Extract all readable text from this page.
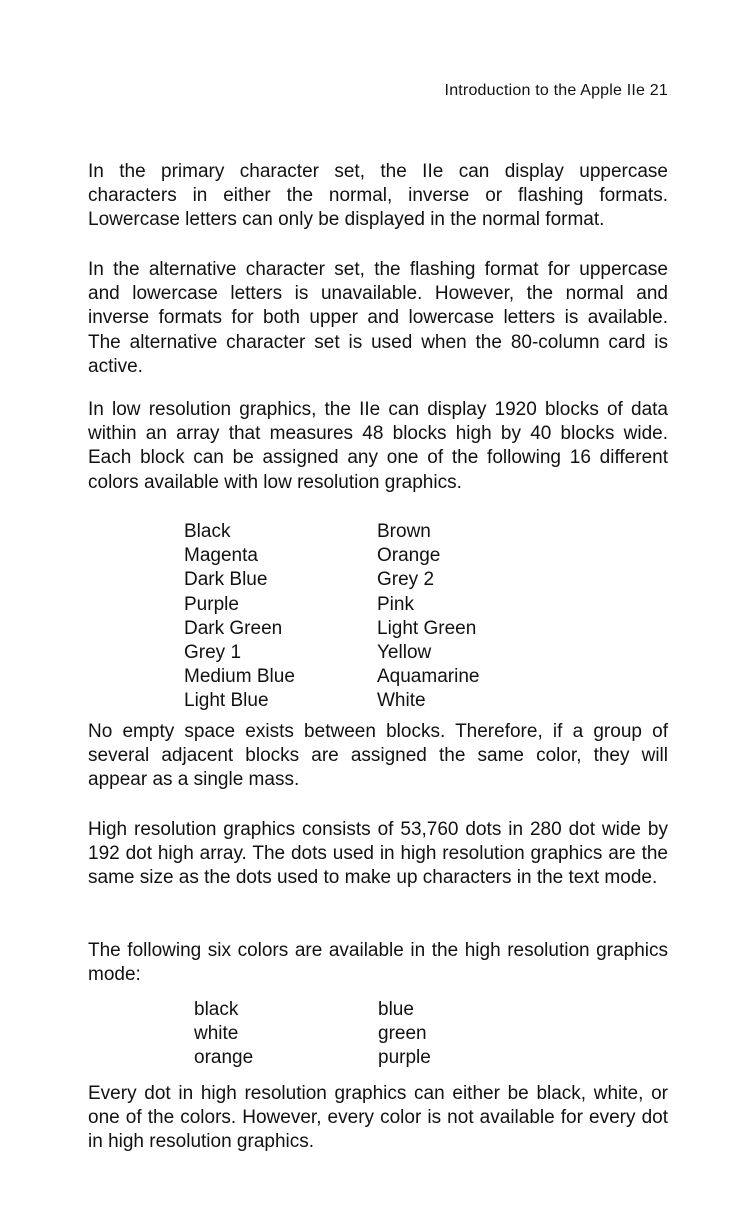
Introduction to the Apple IIe 21

In the primary character set, the IIe can display uppercase characters in either the normal, inverse or flashing formats. Lowercase letters can only be displayed in the normal format.

In the alternative character set, the flashing format for uppercase and lowercase letters is unavailable. However, the normal and inverse formats for both upper and lowercase letters is available. The alternative character set is used when the 80-column card is active.

In low resolution graphics, the IIe can display 1920 blocks of data within an array that measures 48 blocks high by 40 blocks wide. Each block can be assigned any one of the following 16 different colors available with low resolution graphics.

Black
Magenta
Dark Blue
Purple
Dark Green
Grey 1
Medium Blue
Light Blue
Brown
Orange
Grey 2
Pink
Light Green
Yellow
Aquamarine
White

No empty space exists between blocks. Therefore, if a group of several adjacent blocks are assigned the same color, they will appear as a single mass.

High resolution graphics consists of 53,760 dots in 280 dot wide by 192 dot high array. The dots used in high resolution graphics are the same size as the dots used to make up characters in the text mode.

The following six colors are available in the high resolution graphics mode:

black
white
orange
blue
green
purple

Every dot in high resolution graphics can either be black, white, or one of the colors. However, every color is not available for every dot in high resolution graphics.
